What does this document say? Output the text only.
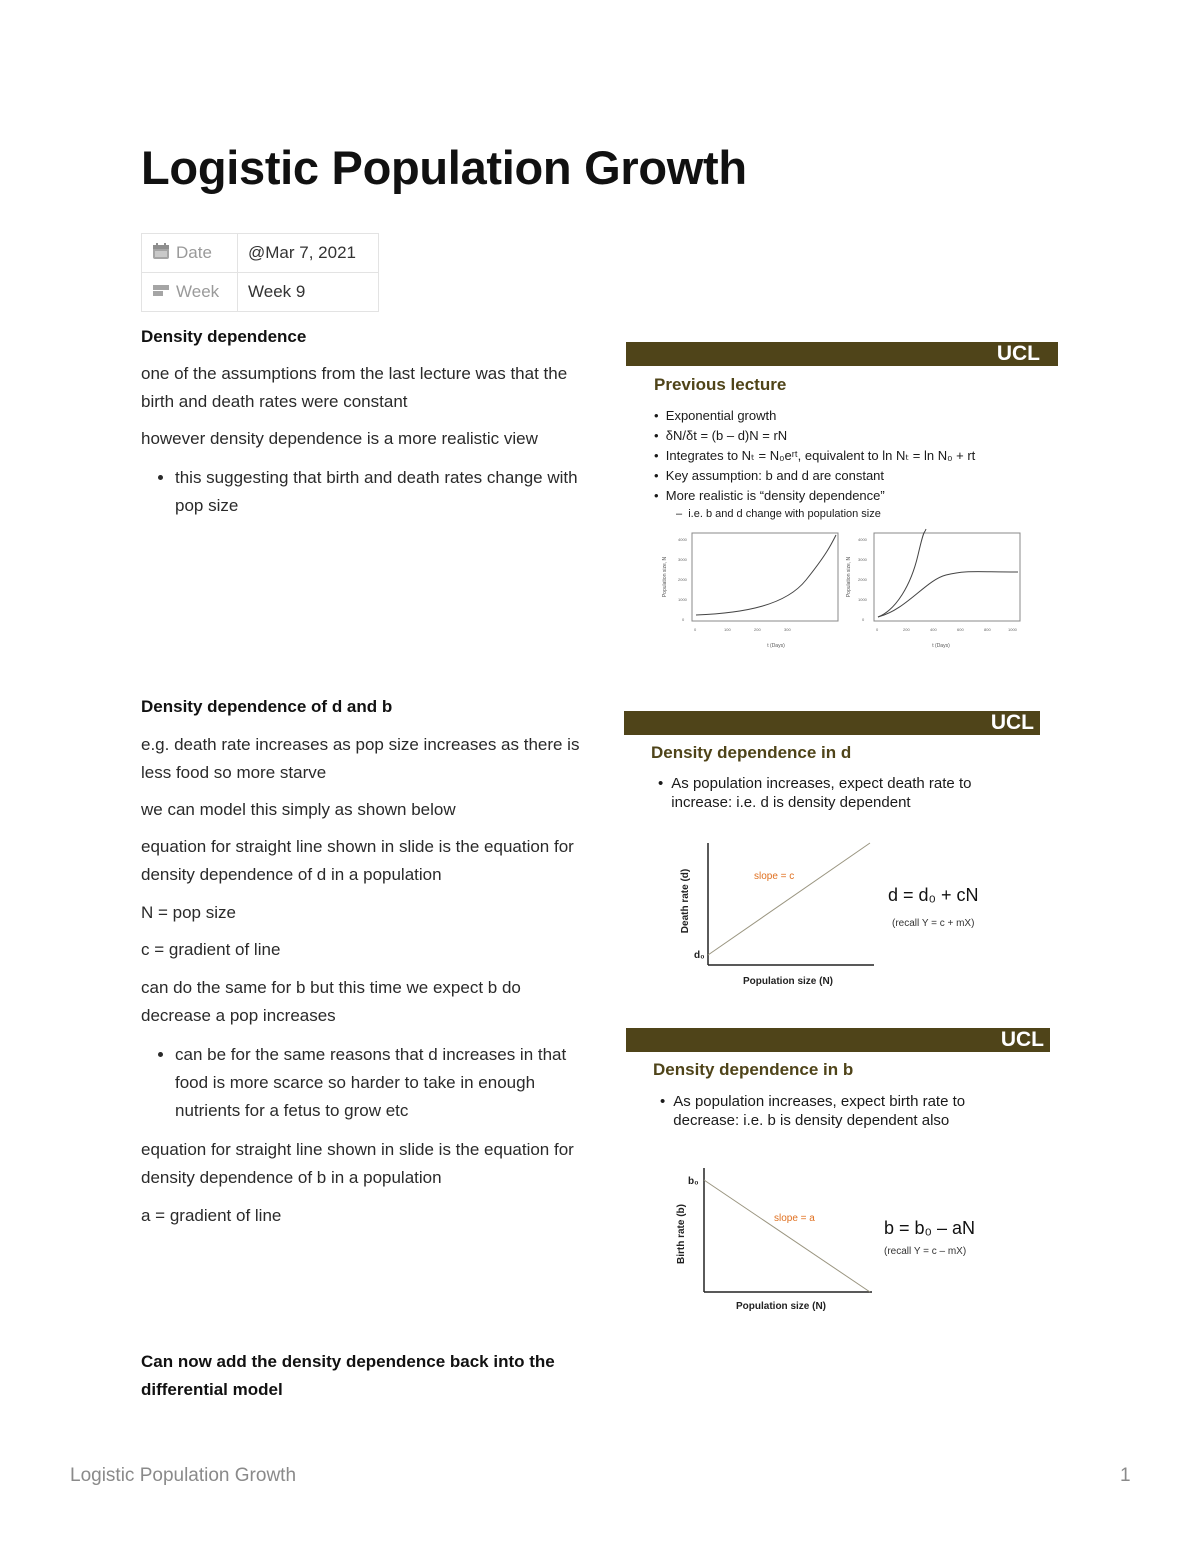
Logistic Population Growth
Date	@Mar 7, 2021
Week	Week 9

Density dependence

one of the assumptions from the last lecture was that the birth and death rates were constant

however density dependence is a more realistic view

• this suggesting that birth and death rates change with pop size

Density dependence of d and b

e.g. death rate increases as pop size increases as there is less food so more starve

we can model this simply as shown below

equation for straight line shown in slide is the equation for density dependence of d in a population

N = pop size

c = gradient of line

can do the same for b but this time we expect b do decrease a pop increases

• can be for the same reasons that d increases in that food is more scarce so harder to take in enough nutrients for a fetus to grow etc

equation for straight line shown in slide is the equation for density dependence of b in a population

a = gradient of line

Can now add the density dependence back into the differential model

UCL
Previous lecture
•  Exponential growth
•  δN/δt = (b – d)N = rN
•  Integrates to Nₜ = N₀eʳᵗ, equivalent to ln Nₜ = ln N₀ + rt
•  Key assumption: b and d are constant
•  More realistic is “density dependence”
–  i.e. b and d change with population size
Population size, N
t (Days)
0
1000
2000
3000
4000
0	100	200	300
Population size, N
t (Days)
0
1000
2000
3000
4000
0	200	400	600	800	1000
UCL
Density dependence in d
• As population increases, expect death rate to increase: i.e. d is density dependent
slope = c
Death rate (d)
Population size (N)
d₀
d = d₀ + cN
(recall Y = c + mX)
UCL
Density dependence in b
• As population increases, expect birth rate to decrease: i.e. b is density dependent also
slope = a
Birth rate (b)
Population size (N)
b₀
b = b₀ – aN
(recall Y = c – mX)
Logistic Population Growth	1
